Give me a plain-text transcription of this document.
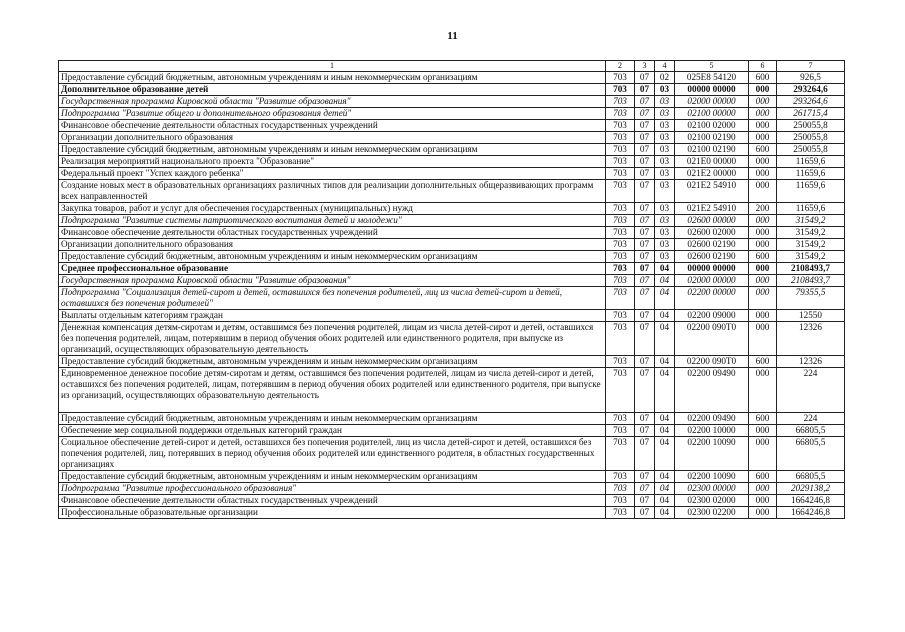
11
1	2	3	4	5	6	7
Предоставление субсидий бюджетным, автономным учреждениям и иным некоммерческим организациям	703	07	02	025E8 54120	600	926,5
Дополнительное образование детей	703	07	03	00000 00000	000	293264,6
Государственная программа Кировской области "Развитие образования"	703	07	03	02000 00000	000	293264,6
Подпрограмма "Развитие общего и дополнительного образования детей"	703	07	03	02100 00000	000	261715,4
Финансовое обеспечение деятельности областных государственных учреждений	703	07	03	02100 02000	000	250055,8
Организации дополнительного образования	703	07	03	02100 02190	000	250055,8
Предоставление субсидий бюджетным, автономным учреждениям и иным некоммерческим организациям	703	07	03	02100 02190	600	250055,8
Реализация мероприятий национального проекта "Образование"	703	07	03	021E0 00000	000	11659,6
Федеральный проект "Успех каждого ребенка"	703	07	03	021E2 00000	000	11659,6
Создание новых мест в образовательных организациях различных типов для реализации дополнительных общеразвивающих программ всех направленностей	703	07	03	021E2 54910	000	11659,6
Закупка товаров, работ и услуг для обеспечения государственных (муниципальных) нужд	703	07	03	021E2 54910	200	11659,6
Подпрограмма "Развитие системы патриотического воспитания детей и молодежи"	703	07	03	02600 00000	000	31549,2
Финансовое обеспечение деятельности областных государственных учреждений	703	07	03	02600 02000	000	31549,2
Организации дополнительного образования	703	07	03	02600 02190	000	31549,2
Предоставление субсидий бюджетным, автономным учреждениям и иным некоммерческим организациям	703	07	03	02600 02190	600	31549,2
Среднее профессиональное образование	703	07	04	00000 00000	000	2108493,7
Государственная программа Кировской области "Развитие образования"	703	07	04	02000 00000	000	2108493,7
Подпрограмма "Социализация детей-сирот и детей, оставшихся без попечения родителей, лиц из числа детей-сирот и детей, оставшихся без попечения родителей"	703	07	04	02200 00000	000	79355,5
Выплаты отдельным категориям граждан	703	07	04	02200 09000	000	12550
Денежная компенсация детям-сиротам и детям, оставшимся без попечения родителей, лицам из числа детей-сирот и детей, оставшихся без попечения родителей, лицам, потерявшим в период обучения обоих родителей или единственного родителя, при выпуске из организаций, осуществляющих образовательную деятельность	703	07	04	02200 090Т0	000	12326
Предоставление субсидий бюджетным, автономным учреждениям и иным некоммерческим организациям	703	07	04	02200 090Т0	600	12326
Единовременное денежное пособие детям-сиротам и детям, оставшимся без попечения родителей, лицам из числа детей-сирот и детей, оставшихся без попечения родителей, лицам, потерявшим в период обучения обоих родителей или единственного родителя, при выпуске из организаций, осуществляющих образовательную деятельность	703	07	04	02200 09490	000	224
Предоставление субсидий бюджетным, автономным учреждениям и иным некоммерческим организациям	703	07	04	02200 09490	600	224
Обеспечение мер социальной поддержки отдельных категорий граждан	703	07	04	02200 10000	000	66805,5
Социальное обеспечение детей-сирот и детей, оставшихся без попечения родителей, лиц из числа детей-сирот и детей, оставшихся без попечения родителей, лиц, потерявших в период обучения обоих родителей или единственного родителя, в областных государственных организациях	703	07	04	02200 10090	000	66805,5
Предоставление субсидий бюджетным, автономным учреждениям и иным некоммерческим организациям	703	07	04	02200 10090	600	66805,5
Подпрограмма "Развитие профессионального образования"	703	07	04	02300 00000	000	2029138,2
Финансовое обеспечение деятельности областных государственных учреждений	703	07	04	02300 02000	000	1664246,8
Профессиональные образовательные организации	703	07	04	02300 02200	000	1664246,8
